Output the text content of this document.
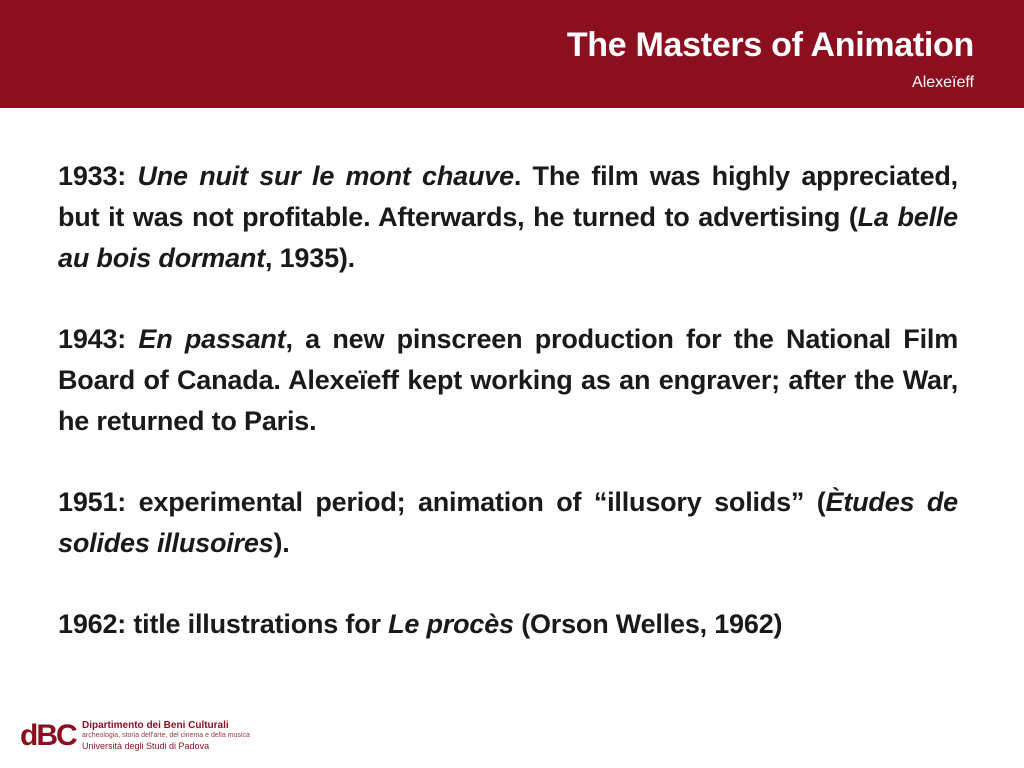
The Masters of Animation
Alexeïeff

1933: Une nuit sur le mont chauve. The film was highly appreciated, but it was not profitable. Afterwards, he turned to advertising (La belle au bois dormant, 1935).

1943: En passant, a new pinscreen production for the National Film Board of Canada. Alexeïeff kept working as an engraver; after the War, he returned to Paris.

1951: experimental period; animation of “illusory solids” (Ètudes de solides illusoires).

1962: title illustrations for Le procès (Orson Welles, 1962)

dBC Dipartimento dei Beni Culturali
archeologia, storia dell'arte, del cinema e della musica
Università degli Studi di Padova
